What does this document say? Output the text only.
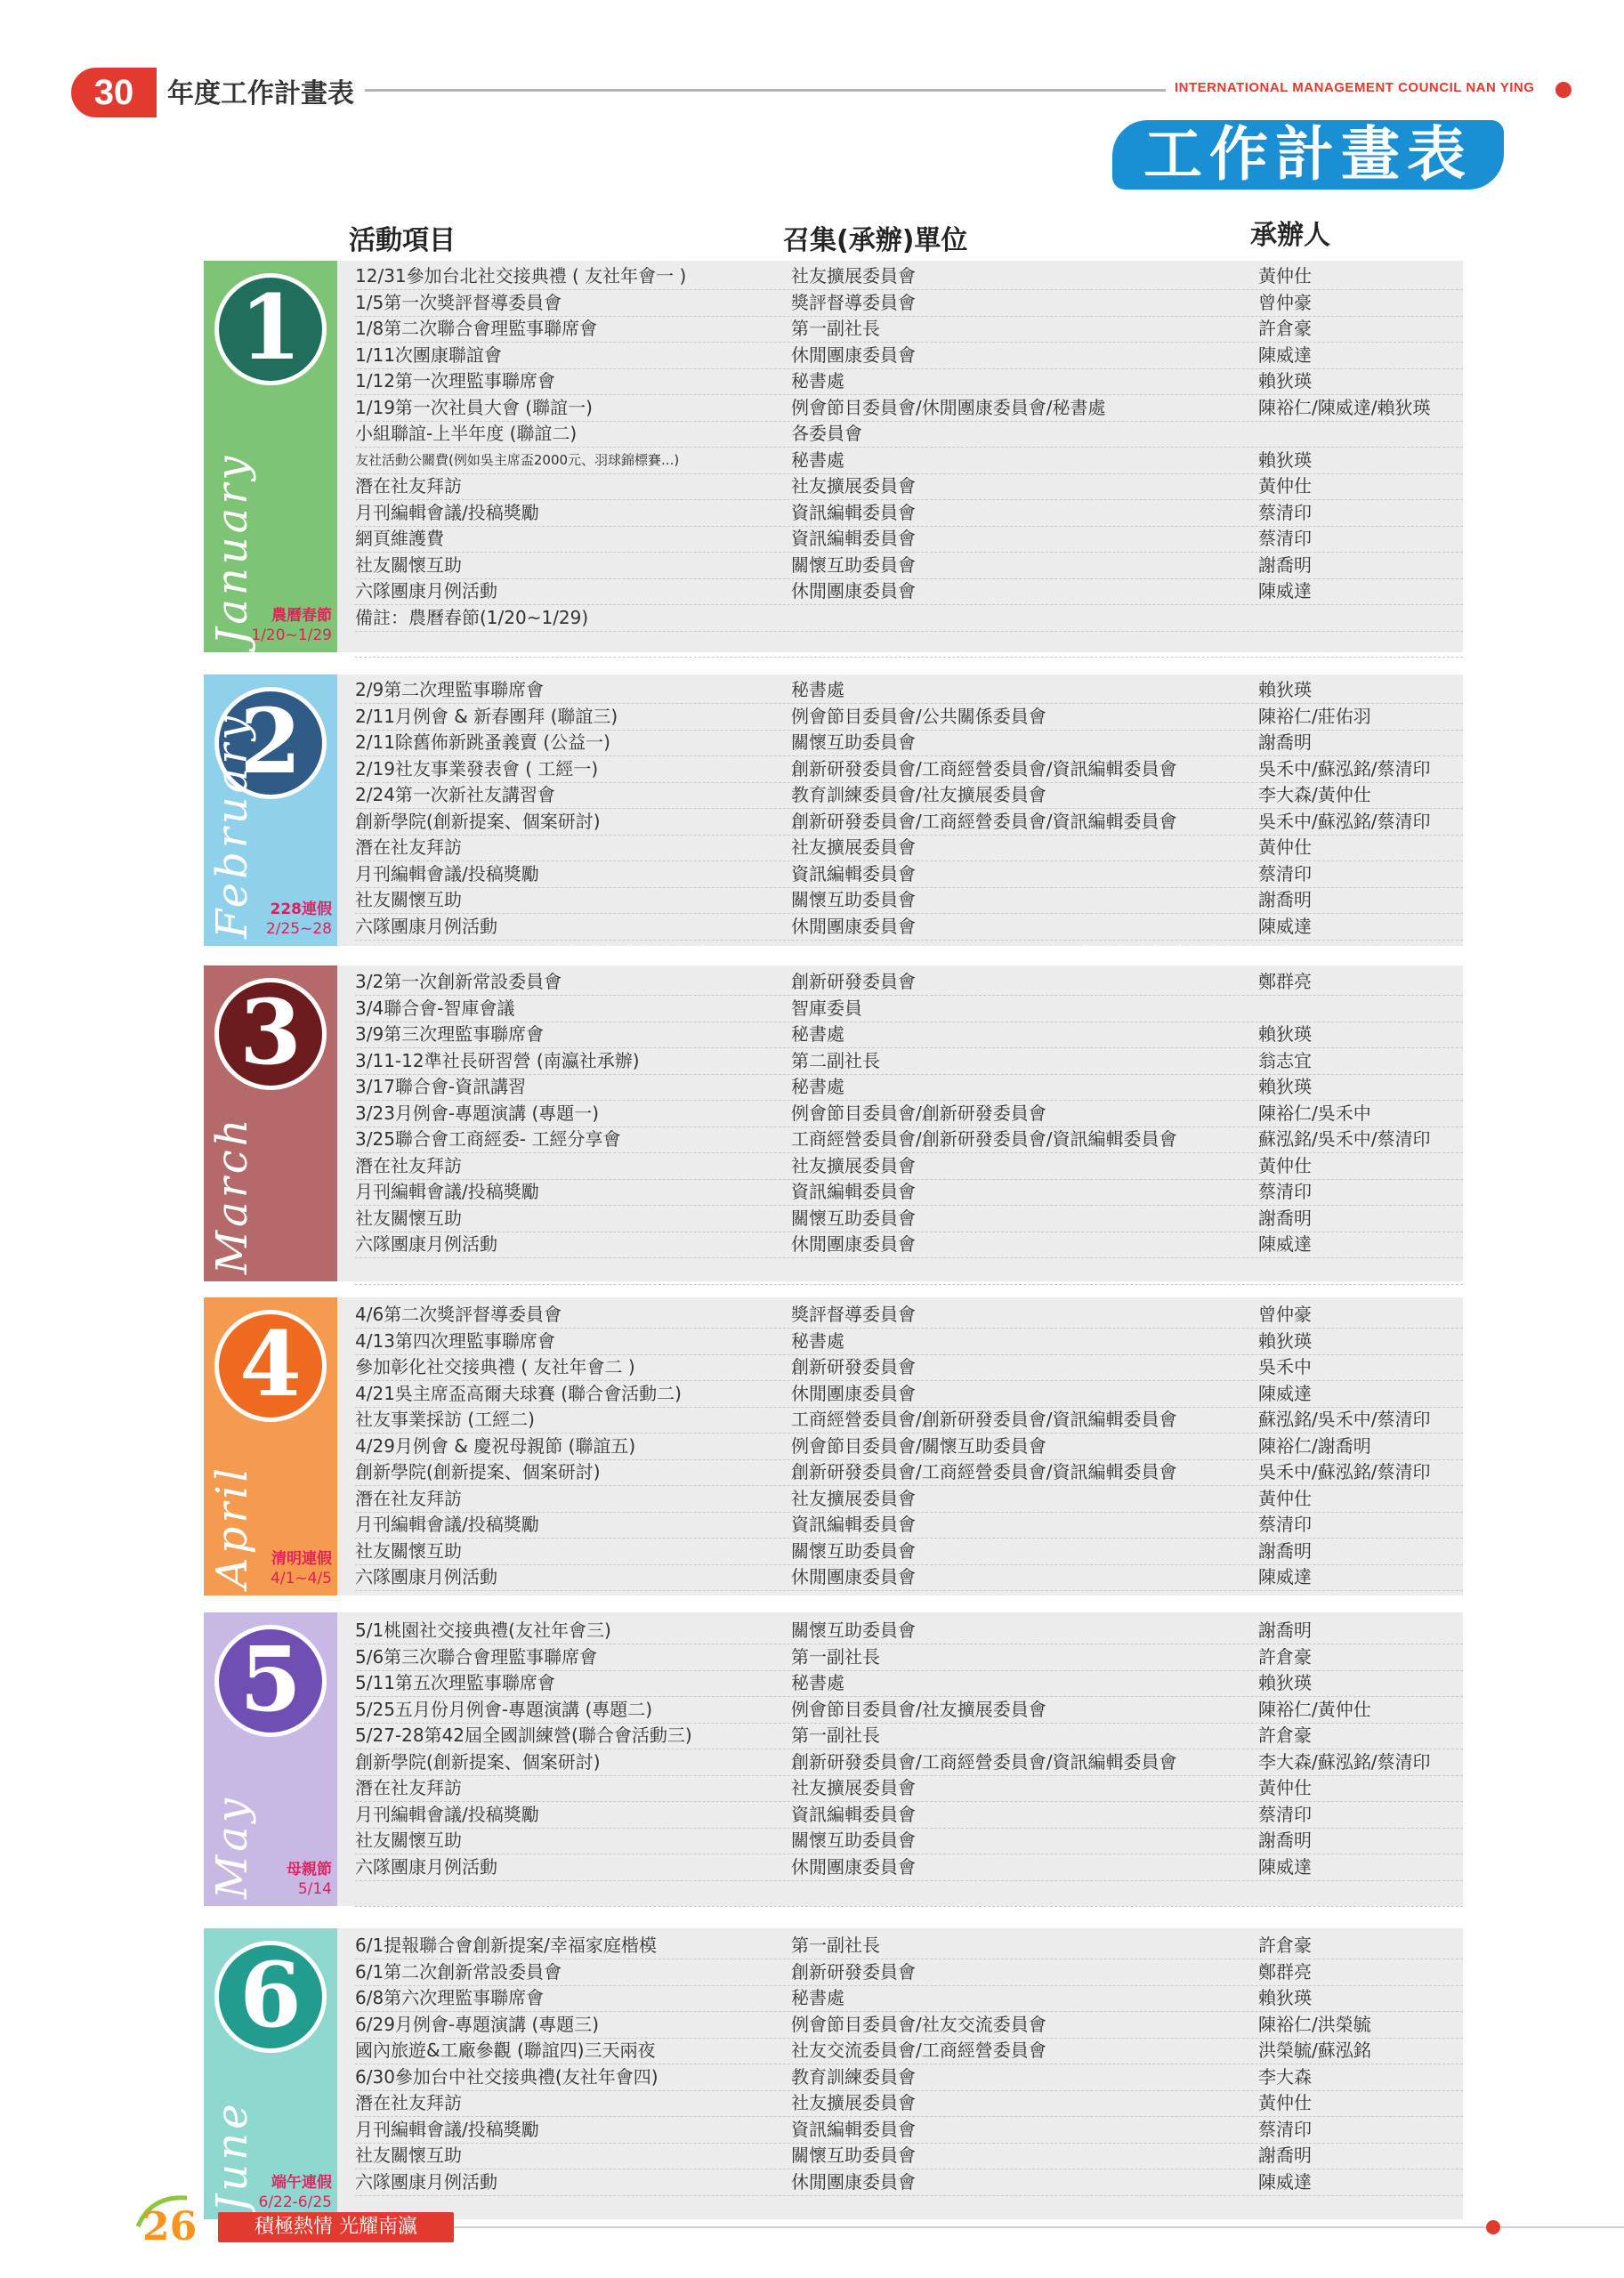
30	年度工作計畫表	INTERNATIONAL MANAGEMENT COUNCIL NAN YING
工作計畫表
活動項目	召集(承辦)單位	承辦人
1
January 農曆春節
1/20~1/29
12/31參加台北社交接典禮 ( 友社年會一 )	社友擴展委員會	黃仲仕
1/5第一次獎評督導委員會	獎評督導委員會	曾仲豪
1/8第二次聯合會理監事聯席會	第一副社長	許倉豪
1/11次團康聯誼會	休閒團康委員會	陳威達
1/12第一次理監事聯席會	秘書處	賴狄瑛
1/19第一次社員大會 (聯誼一)	例會節目委員會/休閒團康委員會/秘書處	陳裕仁/陳威達/賴狄瑛
小組聯誼-上半年度 (聯誼二)	各委員會
友社活動公關費(例如吳主席盃2000元、羽球錦標賽...)	秘書處	賴狄瑛
潛在社友拜訪	社友擴展委員會	黃仲仕
月刊編輯會議/投稿獎勵	資訊編輯委員會	蔡清印
網頁維護費	資訊編輯委員會	蔡清印
社友關懷互助	關懷互助委員會	謝喬明
六隊團康月例活動	休閒團康委員會	陳威達
備註：農曆春節(1/20~1/29)
2
February 228連假
2/25~28
2/9第二次理監事聯席會	秘書處	賴狄瑛
2/11月例會 & 新春團拜 (聯誼三)	例會節目委員會/公共關係委員會	陳裕仁/莊佑羽
2/11除舊佈新跳蚤義賣 (公益一)	關懷互助委員會	謝喬明
2/19社友事業發表會 ( 工經一)	創新研發委員會/工商經營委員會/資訊編輯委員會	吳禾中/蘇泓銘/蔡清印
2/24第一次新社友講習會	教育訓練委員會/社友擴展委員會	李大森/黃仲仕
創新學院(創新提案、個案研討)	創新研發委員會/工商經營委員會/資訊編輯委員會	吳禾中/蘇泓銘/蔡清印
潛在社友拜訪	社友擴展委員會	黃仲仕
月刊編輯會議/投稿獎勵	資訊編輯委員會	蔡清印
社友關懷互助	關懷互助委員會	謝喬明
六隊團康月例活動	休閒團康委員會	陳威達
3
March
3/2第一次創新常設委員會	創新研發委員會	鄭群亮
3/4聯合會-智庫會議	智庫委員
3/9第三次理監事聯席會	秘書處	賴狄瑛
3/11-12準社長研習營 (南瀛社承辦)	第二副社長	翁志宜
3/17聯合會-資訊講習	秘書處	賴狄瑛
3/23月例會-專題演講 (專題一)	例會節目委員會/創新研發委員會	陳裕仁/吳禾中
3/25聯合會工商經委- 工經分享會	工商經營委員會/創新研發委員會/資訊編輯委員會	蘇泓銘/吳禾中/蔡清印
潛在社友拜訪	社友擴展委員會	黃仲仕
月刊編輯會議/投稿獎勵	資訊編輯委員會	蔡清印
社友關懷互助	關懷互助委員會	謝喬明
六隊團康月例活動	休閒團康委員會	陳威達
4
April 清明連假
4/1~4/5
4/6第二次獎評督導委員會	獎評督導委員會	曾仲豪
4/13第四次理監事聯席會	秘書處	賴狄瑛
參加彰化社交接典禮 ( 友社年會二 )	創新研發委員會	吳禾中
4/21吳主席盃高爾夫球賽 (聯合會活動二)	休閒團康委員會	陳威達
社友事業採訪 (工經二)	工商經營委員會/創新研發委員會/資訊編輯委員會	蘇泓銘/吳禾中/蔡清印
4/29月例會 & 慶祝母親節 (聯誼五)	例會節目委員會/關懷互助委員會	陳裕仁/謝喬明
創新學院(創新提案、個案研討)	創新研發委員會/工商經營委員會/資訊編輯委員會	吳禾中/蘇泓銘/蔡清印
潛在社友拜訪	社友擴展委員會	黃仲仕
月刊編輯會議/投稿獎勵	資訊編輯委員會	蔡清印
社友關懷互助	關懷互助委員會	謝喬明
六隊團康月例活動	休閒團康委員會	陳威達
5
May	母親節
5/14
5/1桃園社交接典禮(友社年會三)	關懷互助委員會	謝喬明
5/6第三次聯合會理監事聯席會	第一副社長	許倉豪
5/11第五次理監事聯席會	秘書處	賴狄瑛
5/25五月份月例會-專題演講 (專題二)	例會節目委員會/社友擴展委員會	陳裕仁/黃仲仕
5/27-28第42屆全國訓練營(聯合會活動三)	第一副社長	許倉豪
創新學院(創新提案、個案研討)	創新研發委員會/工商經營委員會/資訊編輯委員會	李大森/蘇泓銘/蔡清印
潛在社友拜訪	社友擴展委員會	黃仲仕
月刊編輯會議/投稿獎勵	資訊編輯委員會	蔡清印
社友關懷互助	關懷互助委員會	謝喬明
六隊團康月例活動	休閒團康委員會	陳威達
6
June 端午連假
6/22-6/25
6/1提報聯合會創新提案/幸福家庭楷模	第一副社長	許倉豪
6/1第二次創新常設委員會	創新研發委員會	鄭群亮
6/8第六次理監事聯席會	秘書處	賴狄瑛
6/29月例會-專題演講 (專題三)	例會節目委員會/社友交流委員會	陳裕仁/洪榮毓
國內旅遊&工廠參觀 (聯誼四)三天兩夜	社友交流委員會/工商經營委員會	洪榮毓/蘇泓銘
6/30參加台中社交接典禮(友社年會四)	教育訓練委員會	李大森
潛在社友拜訪	社友擴展委員會	黃仲仕
月刊編輯會議/投稿獎勵	資訊編輯委員會	蔡清印
社友關懷互助	關懷互助委員會	謝喬明
六隊團康月例活動	休閒團康委員會	陳威達
26	積極熱情 光耀南瀛
